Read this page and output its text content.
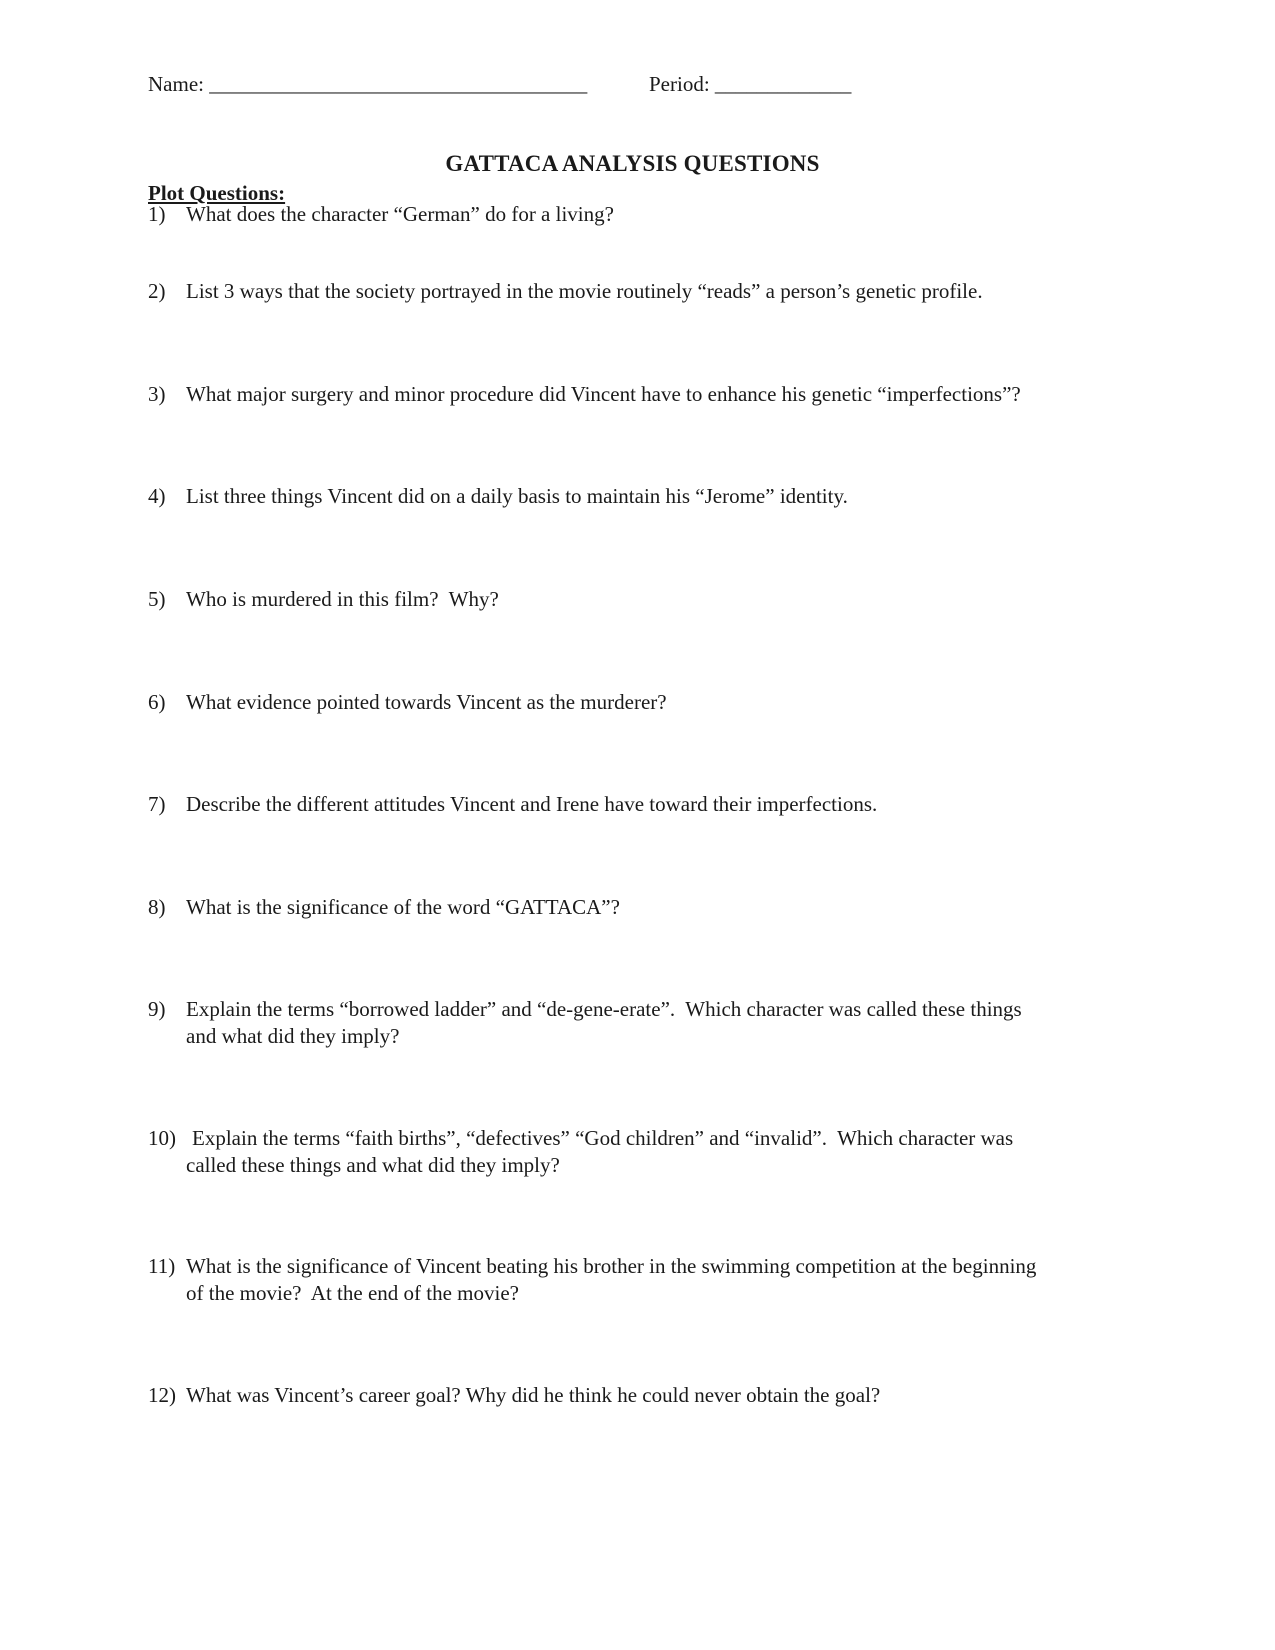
Name: ____________________________________	Period: _____________
GATTACA ANALYSIS QUESTIONS
Plot Questions:
1) What does the character “German” do for a living?
2) List 3 ways that the society portrayed in the movie routinely “reads” a person’s genetic profile.
3) What major surgery and minor procedure did Vincent have to enhance his genetic “imperfections”?
4) List three things Vincent did on a daily basis to maintain his “Jerome” identity.
5) Who is murdered in this film?  Why?
6) What evidence pointed towards Vincent as the murderer?
7) Describe the different attitudes Vincent and Irene have toward their imperfections.
8) What is the significance of the word “GATTACA”?
9) Explain the terms “borrowed ladder” and “de-gene-erate”.  Which character was called these things
and what did they imply?
10) Explain the terms “faith births”, “defectives” “God children” and “invalid”.  Which character was
called these things and what did they imply?
11) What is the significance of Vincent beating his brother in the swimming competition at the beginning
of the movie?  At the end of the movie?
12) What was Vincent’s career goal? Why did he think he could never obtain the goal?
